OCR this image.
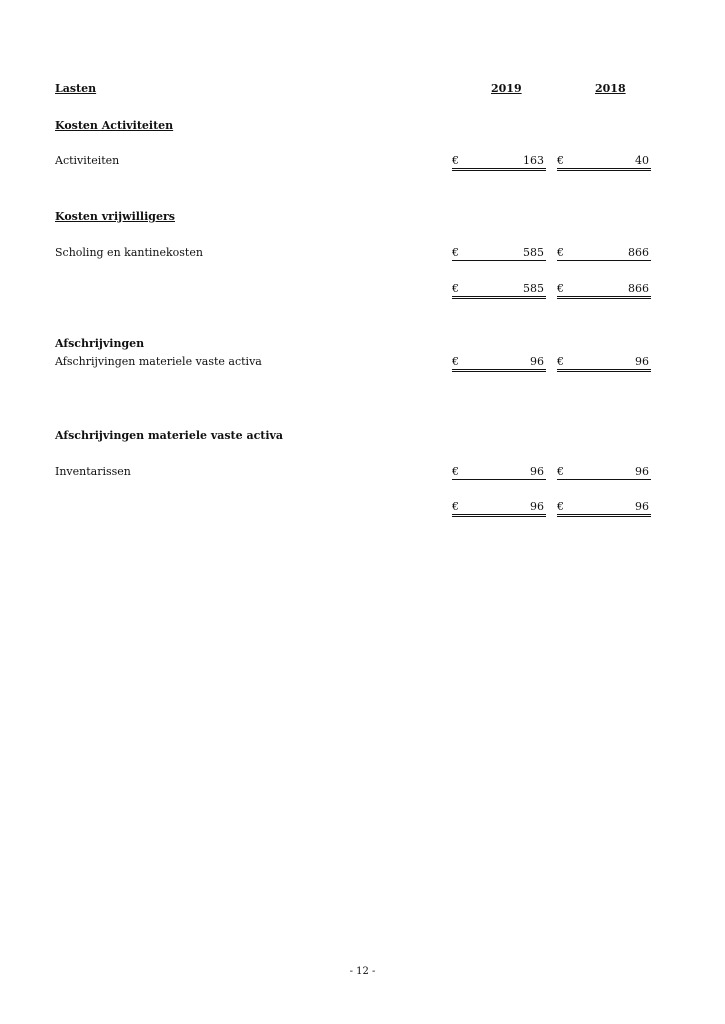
Lasten	2019	2018
Kosten Activiteiten
Activiteiten	€	163 €	40
Kosten vrijwilligers
Scholing en kantinekosten	€	585 €	866
€	585 €	866
Afschrijvingen
Afschrijvingen materiele vaste activa	€	96 €	96
Afschrijvingen materiele vaste activa
Inventarissen	€	96 €	96
€	96 €	96
- 12 -
